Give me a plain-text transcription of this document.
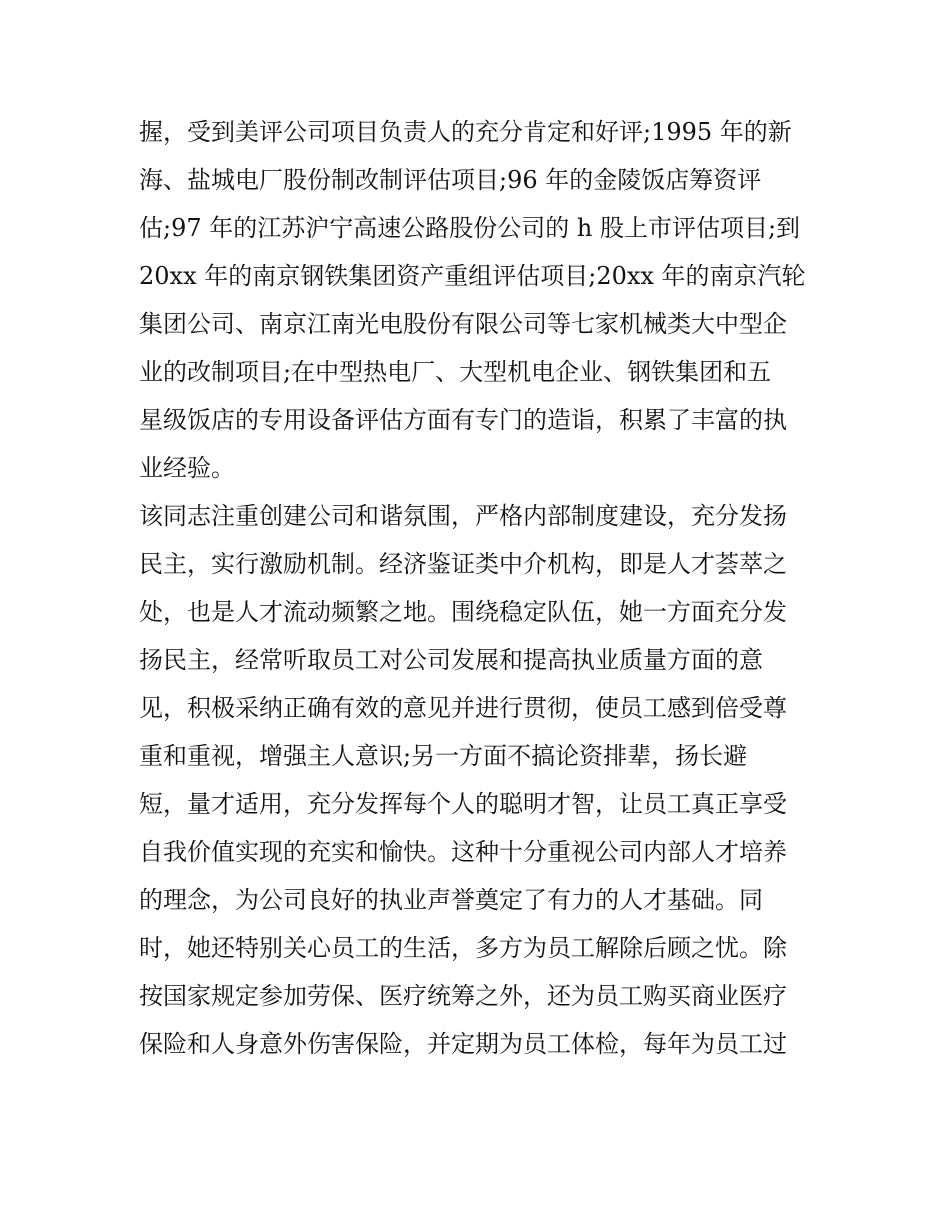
握，受到美评公司项目负责人的充分肯定和好评;1995 年的新
海、盐城电厂股份制改制评估项目;96 年的金陵饭店筹资评
估;97 年的江苏沪宁高速公路股份公司的 h 股上市评估项目;到
20xx 年的南京钢铁集团资产重组评估项目;20xx 年的南京汽轮
集团公司、南京江南光电股份有限公司等七家机械类大中型企
业的改制项目;在中型热电厂、大型机电企业、钢铁集团和五
星级饭店的专用设备评估方面有专门的造诣，积累了丰富的执
业经验。
该同志注重创建公司和谐氛围，严格内部制度建设，充分发扬
民主，实行激励机制。经济鉴证类中介机构，即是人才荟萃之
处，也是人才流动频繁之地。围绕稳定队伍，她一方面充分发
扬民主，经常听取员工对公司发展和提高执业质量方面的意
见，积极采纳正确有效的意见并进行贯彻，使员工感到倍受尊
重和重视，增强主人意识;另一方面不搞论资排辈，扬长避
短，量才适用，充分发挥每个人的聪明才智，让员工真正享受
自我价值实现的充实和愉快。这种十分重视公司内部人才培养
的理念，为公司良好的执业声誉奠定了有力的人才基础。同
时，她还特别关心员工的生活，多方为员工解除后顾之忧。除
按国家规定参加劳保、医疗统筹之外，还为员工购买商业医疗
保险和人身意外伤害保险，并定期为员工体检，每年为员工过
